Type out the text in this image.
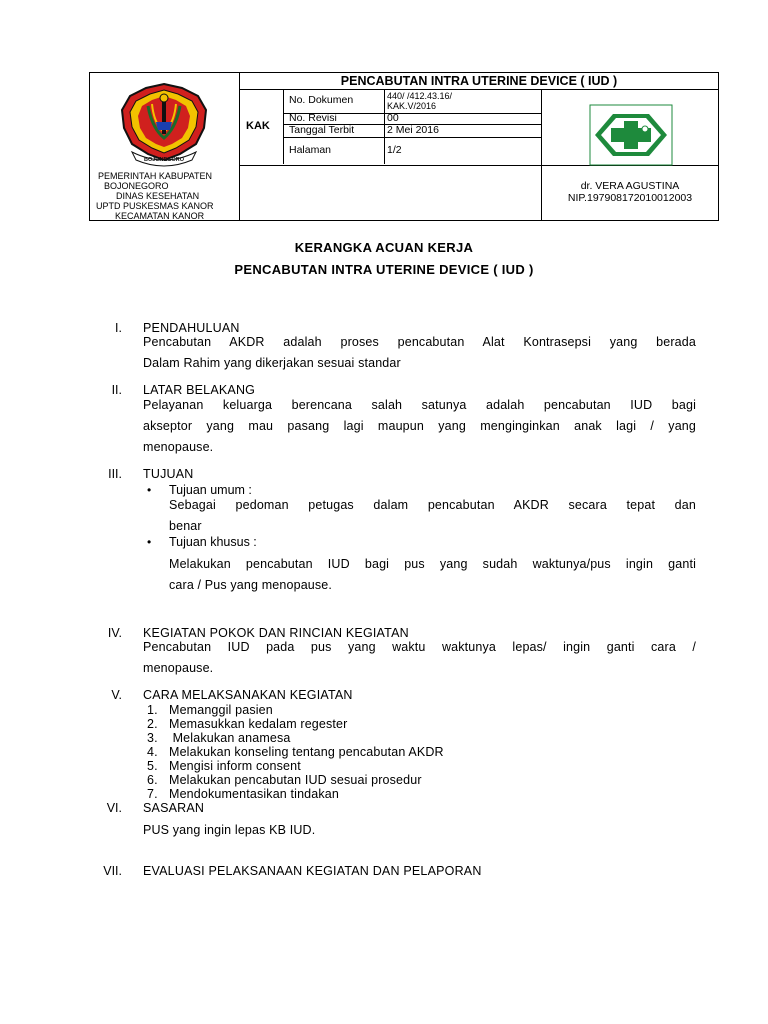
BOJONEGORO
PEMERINTAH KABUPATEN
BOJONEGORO
DINAS KESEHATAN
UPTD PUSKESMAS KANOR
KECAMATAN KANOR
PENCABUTAN INTRA UTERINE DEVICE ( IUD )
KAK
No. Dokumen	440/ /412.43.16/
KAK.V/2016
No. Revisi	00
Tanggal Terbit	2 Mei 2016
Halaman	1/2
dr. VERA AGUSTINA
NIP.197908172010012003
KERANGKA ACUAN KERJA
PENCABUTAN INTRA UTERINE DEVICE ( IUD )
I. PENDAHULUAN
Pencabutan AKDR adalah proses pencabutan Alat Kontrasepsi yang berada
Dalam Rahim yang dikerjakan sesuai standar
II. LATAR BELAKANG
Pelayanan keluarga berencana salah satunya adalah pencabutan IUD bagi
akseptor yang mau pasang lagi maupun yang menginginkan anak lagi / yang
menopause.
III. TUJUAN
• Tujuan umum :
Sebagai pedoman petugas dalam pencabutan AKDR secara tepat dan
benar
• Tujuan khusus :
Melakukan pencabutan IUD bagi pus yang sudah waktunya/pus ingin ganti
cara / Pus yang menopause.
IV. KEGIATAN POKOK DAN RINCIAN KEGIATAN
Pencabutan IUD pada pus yang waktu waktunya lepas/ ingin ganti cara /
menopause.
V. CARA MELAKSANAKAN KEGIATAN
1. Memanggil pasien
2. Memasukkan kedalam regester
3. Melakukan anamesa
4. Melakukan konseling tentang pencabutan AKDR
5. Mengisi inform consent
6. Melakukan pencabutan IUD sesuai prosedur
7. Mendokumentasikan tindakan
VI. SASARAN
PUS yang ingin lepas KB IUD.
VII. EVALUASI PELAKSANAAN KEGIATAN DAN PELAPORAN
